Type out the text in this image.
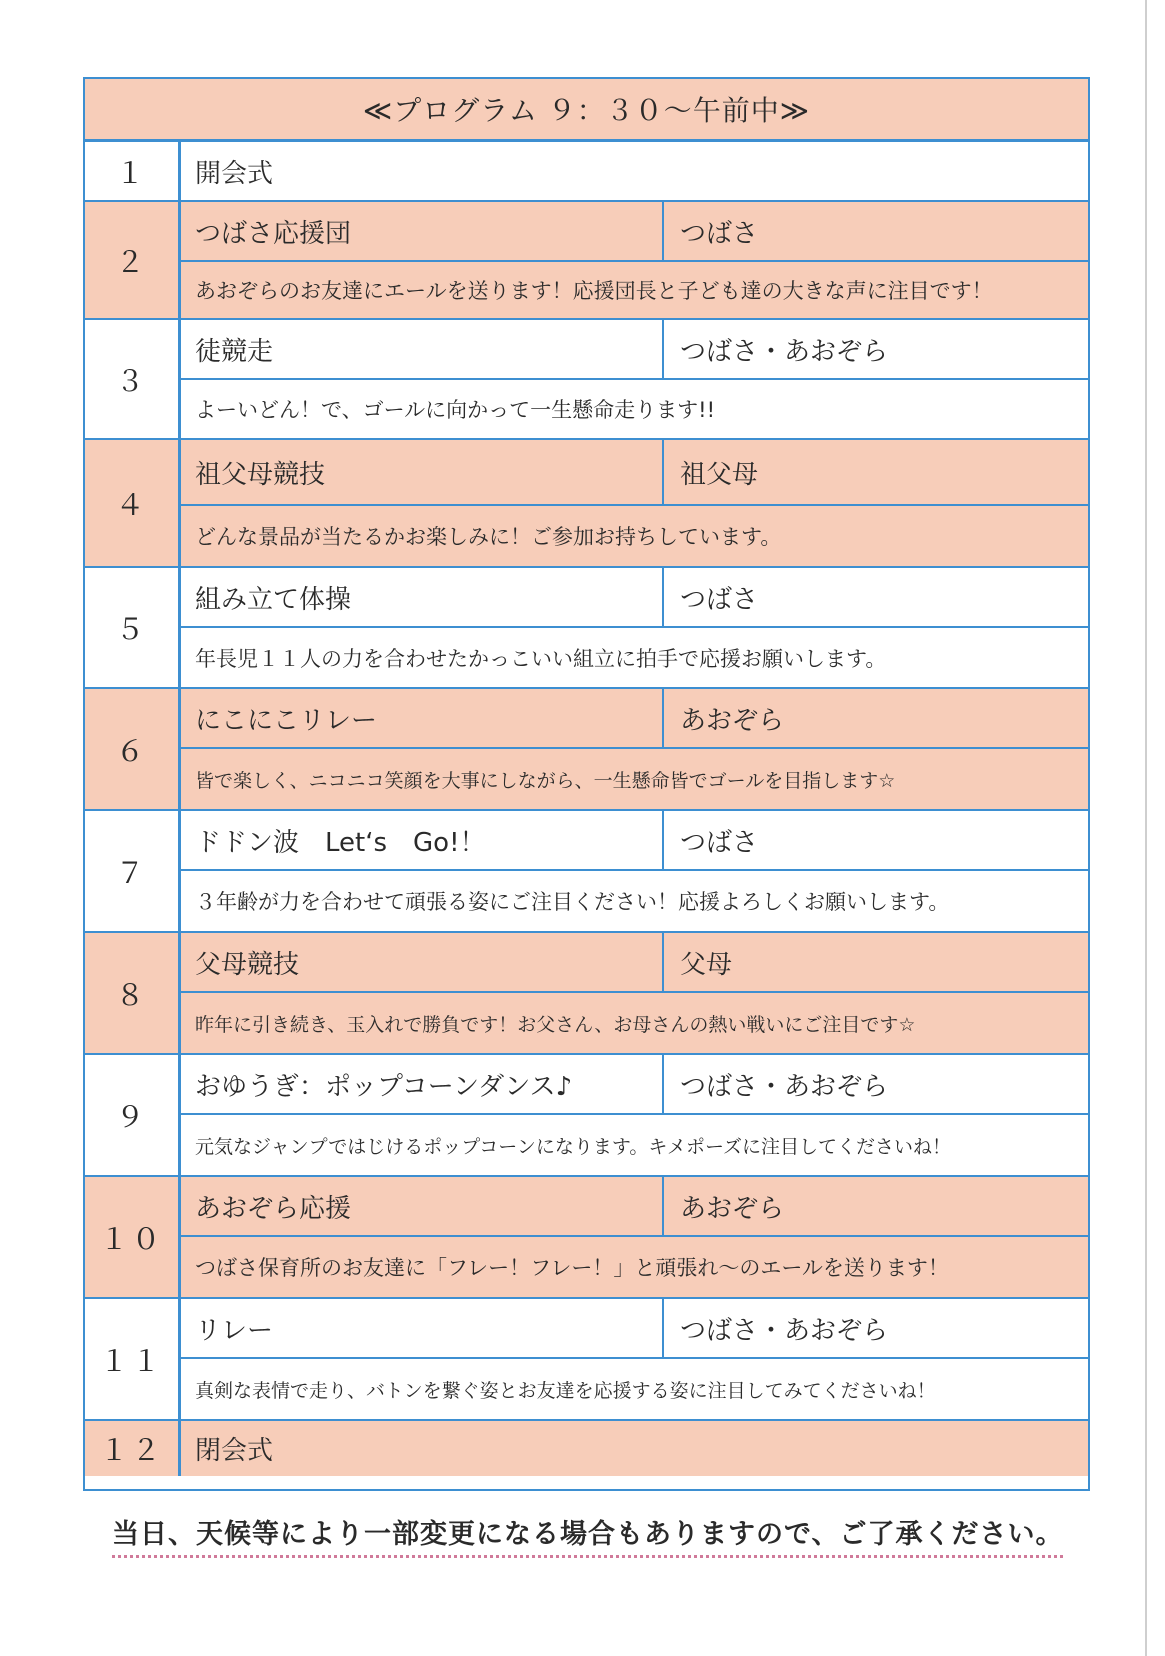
≪プログラム ９：３０〜午前中≫
１	開会式
２
つばさ応援団	つばさ
あおぞらのお友達にエールを送ります！応援団長と子ども達の大きな声に注目です！
３
徒競走	つばさ・あおぞら
よーいどん！で、ゴールに向かって一生懸命走ります!!
４
祖父母競技	祖父母
どんな景品が当たるかお楽しみに！ご参加お持ちしています。
５
組み立て体操	つばさ
年長児１１人の力を合わせたかっこいい組立に拍手で応援お願いします。
６
にこにこリレー	あおぞら
皆で楽しく、ニコニコ笑顔を大事にしながら、一生懸命皆でゴールを目指します☆
７
ドドン波　Let‘s　Go!！	つばさ
３年齢が力を合わせて頑張る姿にご注目ください！応援よろしくお願いします。
８
父母競技	父母
昨年に引き続き、玉入れで勝負です！お父さん、お母さんの熱い戦いにご注目です☆
９
おゆうぎ：ポップコーンダンス♪	つばさ・あおぞら
元気なジャンプではじけるポップコーンになります。キメポーズに注目してくださいね！
１０
あおぞら応援	あおぞら
つばさ保育所のお友達に「フレー！フレー！」と頑張れ〜のエールを送ります！
１１
リレー	つばさ・あおぞら
真剣な表情で走り、バトンを繋ぐ姿とお友達を応援する姿に注目してみてくださいね！
１２	閉会式
当日、天候等により一部変更になる場合もありますので、ご了承ください。
